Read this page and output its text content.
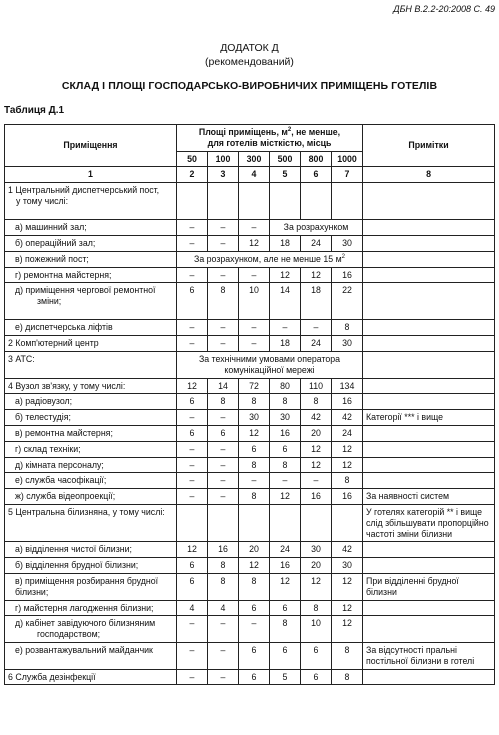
ДБН В.2.2-20:2008 С. 49
ДОДАТОК Д
(рекомендований)
СКЛАД І ПЛОЩІ ГОСПОДАРСЬКО-ВИРОБНИЧИХ ПРИМІЩЕНЬ ГОТЕЛІВ
Таблиця Д.1
Приміщення	Площі приміщень, $м^2$, не менше,
для готелів місткістю, місць						Примітки
	50	100	300	500	800	1000	
1	2	3	4	5	6	7	8
1 Центральний диспетчерський пост,
у тому числі:							
а) машинний зал;	–	–	–	За розрахунком			
б) операційний зал;	–	–	12	18	24	30	
в) пожежний пост;	За розрахунком, але не менше 15 $м^2$	
г) ремонтна майстерня;	–	–	–	12	12	16	
д) приміщення чергової ремонтної
зміни;	6	8	10	14	18	22	
е) диспетчерська ліфтів	–	–	–	–	–	8	
2 Комп'ютерний центр	–	–	–	18	24	30	
3 АТС:	За технічними умовами оператора комунікаційної мережі						
4 Вузол зв'язку, у тому числі:	12	14	72	80	110	134	
а) радіовузол;	6	8	8	8	8	16	
б) телестудія;	–	–	30	30	42	42	Категорії *** і вище
в) ремонтна майстерня;	6	6	12	16	20	24	
г) склад техніки;	–	–	6	6	12	12	
д) кімната персоналу;	–	–	8	8	12	12	
е) служба часофікації;	–	–	–	–	–	8	
ж) служба відеопроекції;	–	–	8	12	16	16	За наявності систем
5 Центральна білизняна, у тому числі:							У готелях категорій ** і вище слід збільшувати пропорційно частоті зміни білизни
а) відділення чистої білизни;	12	16	20	24	30	42	
б) відділення брудної білизни;	6	8	12	16	20	30	
в) приміщення розбирання брудної
білизни;	6	8	8	12	12	12	При відділенні брудної білизни
г) майстерня лагодження білизни;	4	4	6	6	8	12	
д) кабінет завідуючого білизняним
господарством;	–	–	–	8	10	12	
е) розвантажувальний майданчик	–	–	6	6	6	8	За відсутності пральні постільної білизни в готелі
6 Служба дезінфекції	–	–	6	5	6	8	
